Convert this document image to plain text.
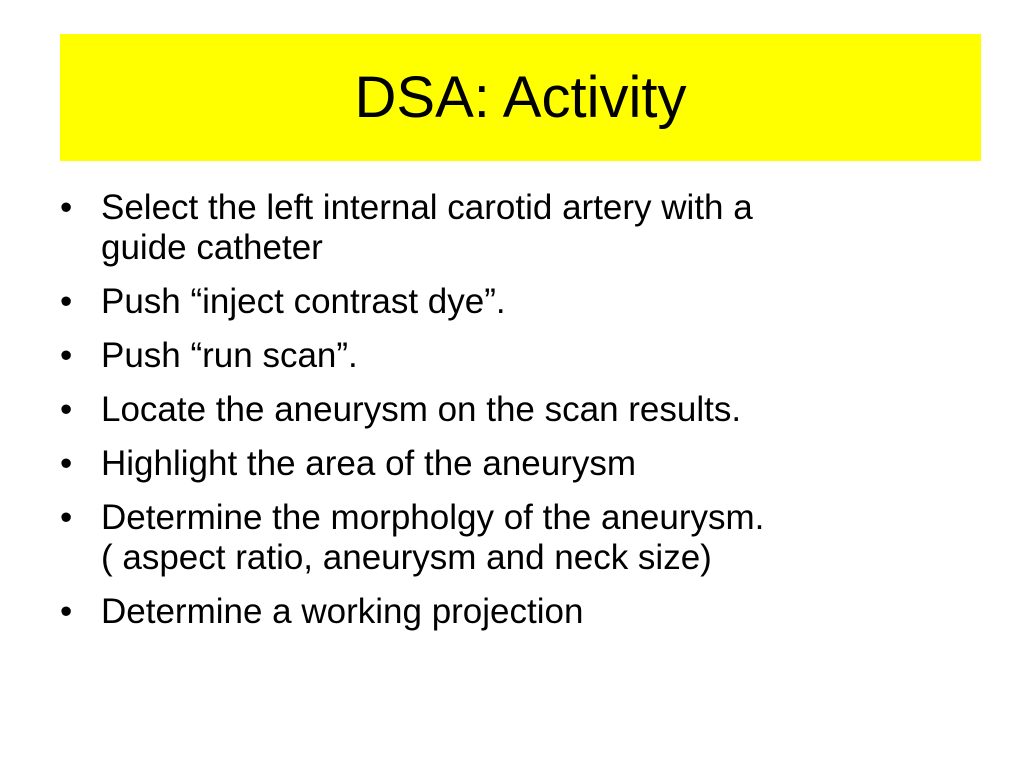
DSA: Activity
• Select the left internal carotid artery with a
guide catheter
• Push “inject contrast dye”.
• Push “run scan”.
• Locate the aneurysm on the scan results.
• Highlight the area of the aneurysm
• Determine the morpholgy of the aneurysm.
( aspect ratio, aneurysm and neck size)
• Determine a working projection
